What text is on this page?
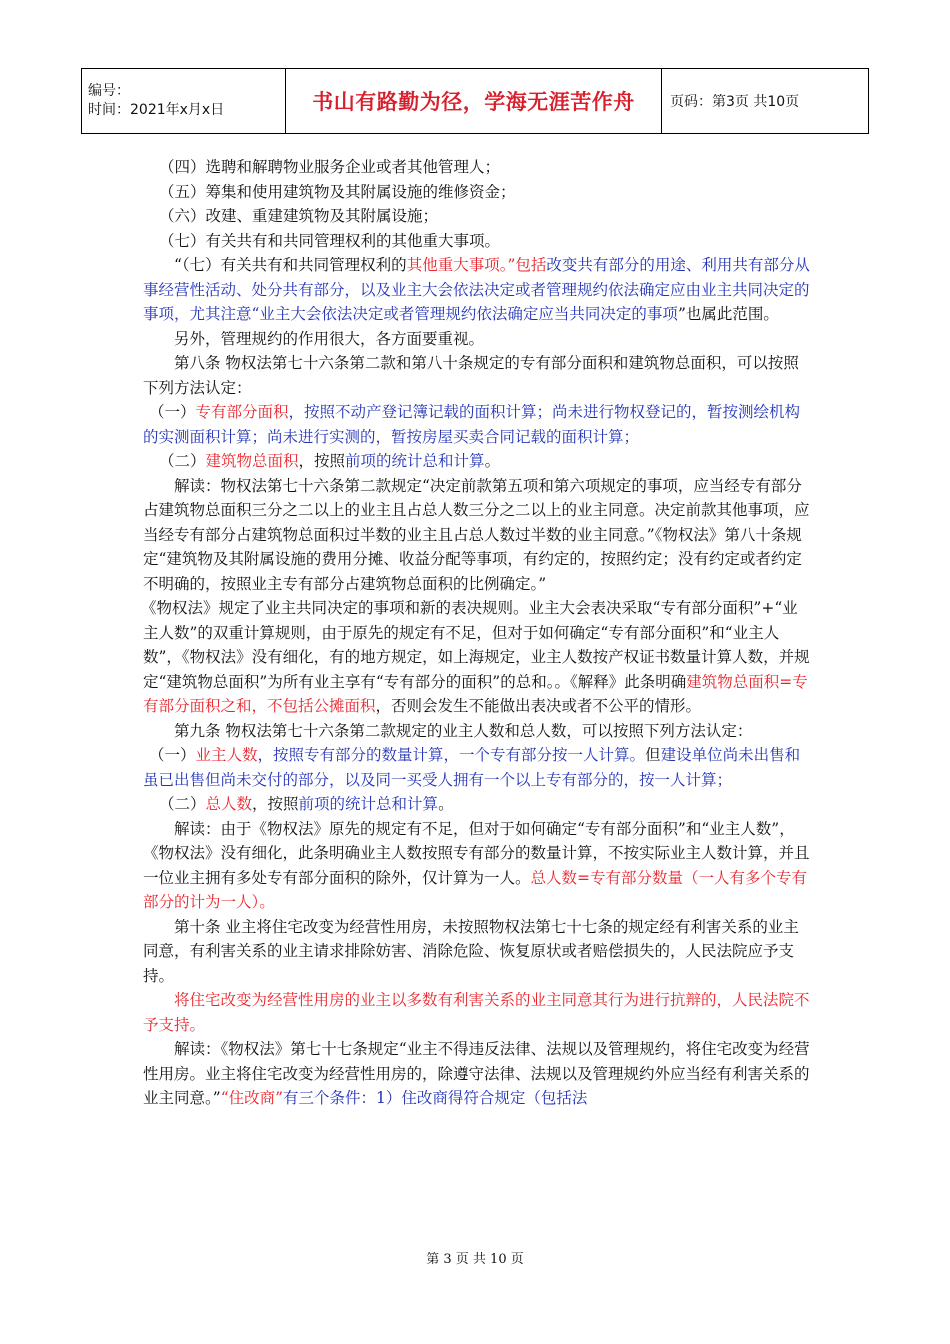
编号：
时间：2021年x月x日	书山有路勤为径，学海无涯苦作舟	页码：第3页 共10页

（四）选聘和解聘物业服务企业或者其他管理人；

（五）筹集和使用建筑物及其附属设施的维修资金；

（六）改建、重建建筑物及其附属设施；

（七）有关共有和共同管理权利的其他重大事项。

“（七）有关共有和共同管理权利的其他重大事项。”包括改变共有部分的用途、利用共有部分从事经营性活动、处分共有部分，以及业主大会依法决定或者管理规约依法确定应由业主共同决定的事项，尤其注意“业主大会依法决定或者管理规约依法确定应当共同决定的事项”也属此范围。

另外，管理规约的作用很大，各方面要重视。

第八条 物权法第七十六条第二款和第八十条规定的专有部分面积和建筑物总面积，可以按照下列方法认定：

（一）专有部分面积，按照不动产登记簿记载的面积计算；尚未进行物权登记的，暂按测绘机构的实测面积计算；尚未进行实测的，暂按房屋买卖合同记载的面积计算；

（二）建筑物总面积，按照前项的统计总和计算。

解读：物权法第七十六条第二款规定“决定前款第五项和第六项规定的事项，应当经专有部分占建筑物总面积三分之二以上的业主且占总人数三分之二以上的业主同意。决定前款其他事项，应当经专有部分占建筑物总面积过半数的业主且占总人数过半数的业主同意。”《物权法》第八十条规定“建筑物及其附属设施的费用分摊、收益分配等事项，有约定的，按照约定；没有约定或者约定不明确的，按照业主专有部分占建筑物总面积的比例确定。”

《物权法》规定了业主共同决定的事项和新的表决规则。业主大会表决采取“专有部分面积”+“业主人数”的双重计算规则，由于原先的规定有不足，但对于如何确定“专有部分面积”和“业主人数”，《物权法》没有细化，有的地方规定，如上海规定，业主人数按产权证书数量计算人数，并规定“建筑物总面积”为所有业主享有“专有部分的面积”的总和。。《解释》此条明确建筑物总面积=专有部分面积之和，不包括公摊面积，否则会发生不能做出表决或者不公平的情形。

第九条 物权法第七十六条第二款规定的业主人数和总人数，可以按照下列方法认定：

（一）业主人数，按照专有部分的数量计算，一个专有部分按一人计算。但建设单位尚未出售和虽已出售但尚未交付的部分，以及同一买受人拥有一个以上专有部分的，按一人计算；

（二）总人数，按照前项的统计总和计算。

解读：由于《物权法》原先的规定有不足，但对于如何确定“专有部分面积”和“业主人数”，《物权法》没有细化，此条明确业主人数按照专有部分的数量计算，不按实际业主人数计算，并且一位业主拥有多处专有部分面积的除外，仅计算为一人。总人数=专有部分数量（一人有多个专有部分的计为一人）。

第十条 业主将住宅改变为经营性用房，未按照物权法第七十七条的规定经有利害关系的业主同意，有利害关系的业主请求排除妨害、消除危险、恢复原状或者赔偿损失的，人民法院应予支持。

将住宅改变为经营性用房的业主以多数有利害关系的业主同意其行为进行抗辩的，人民法院不予支持。

解读：《物权法》第七十七条规定“业主不得违反法律、法规以及管理规约，将住宅改变为经营性用房。业主将住宅改变为经营性用房的，除遵守法律、法规以及管理规约外应当经有利害关系的业主同意。”“住改商”有三个条件：1）住改商得符合规定（包括法

第 3 页 共 10 页
